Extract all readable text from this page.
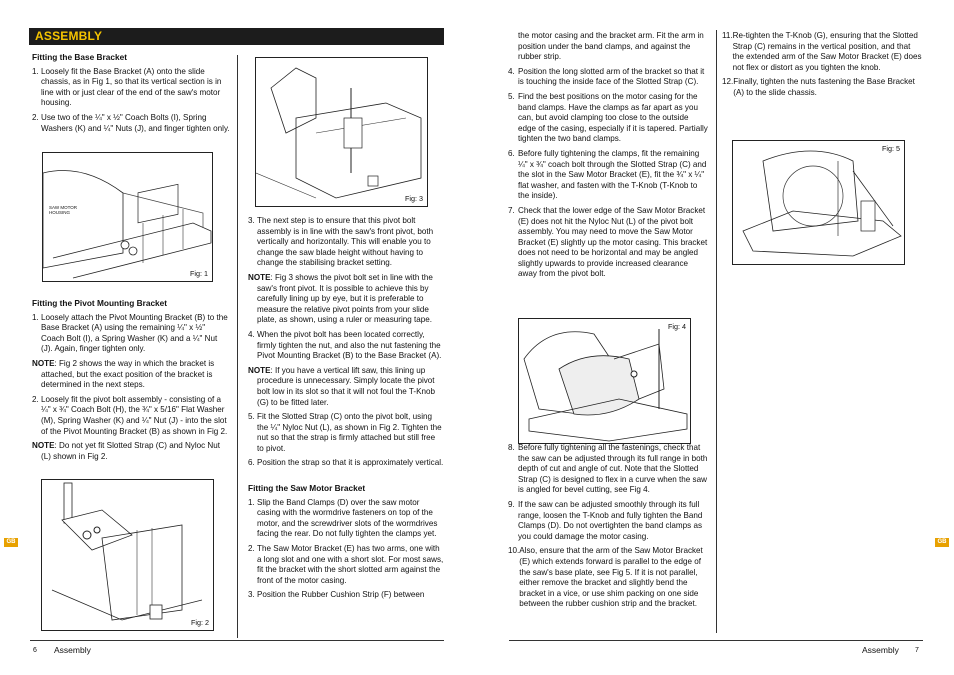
ASSEMBLY
Fitting the Base Bracket
1. Loosely fit the Base Bracket (A) onto the slide chassis, as in Fig 1, so that its vertical section is in line with or just clear of the end of the saw's motor housing.
2. Use two of the ¼" x ½" Coach Bolts (I), Spring Washers (K) and ¼" Nuts (J), and finger tighten only.
SAW MOTOR HOUSING
Fig: 1
Fitting the Pivot Mounting Bracket
1. Loosely attach the Pivot Mounting Bracket (B) to the Base Bracket (A) using the remaining ¼" x ½" Coach Bolt (I), a Spring Washer (K) and a ¼" Nut (J). Again, finger tighten only.

NOTE: Fig 2 shows the way in which the bracket is attached, but the exact position of the bracket is determined in the next steps.

2. Loosely fit the pivot bolt assembly - consisting of a ¼" x ¾" Coach Bolt (H), the ¾" x 5/16" Flat Washer (M), Spring Washer (K) and ¼" Nut (J) - into the slot of the Pivot Mounting Bracket (B) as shown in Fig 2.

NOTE: Do not yet fit Slotted Strap (C) and Nyloc Nut (L) shown in Fig 2.

Fig: 2
Fig: 3
3. The next step is to ensure that this pivot bolt assembly is in line with the saw's front pivot, both vertically and horizontally. This will enable you to change the saw blade height without having to change the stabilising bracket setting.

NOTE: Fig 3 shows the pivot bolt set in line with the saw's front pivot. It is possible to achieve this by carefully lining up by eye, but it is preferable to measure the relative pivot points from your slide plate, as shown, using a ruler or measuring tape.

4. When the pivot bolt has been located correctly, firmly tighten the nut, and also the nut fastening the Pivot Mounting Bracket (B) to the Base Bracket (A).

NOTE: If you have a vertical lift saw, this lining up procedure is unnecessary. Simply locate the pivot bolt low in its slot so that it will not foul the T-Knob (G) to be fitted later.

5. Fit the Slotted Strap (C) onto the pivot bolt, using the ¼" Nyloc Nut (L), as shown in Fig 2. Tighten the nut so that the strap is firmly attached but still free to pivot.
6. Position the strap so that it is approximately vertical.
Fitting the Saw Motor Bracket
1. Slip the Band Clamps (D) over the saw motor casing with the wormdrive fasteners on top of the motor, and the screwdriver slots of the wormdrives facing the rear. Do not fully tighten the clamps yet.
2. The Saw Motor Bracket (E) has two arms, one with a long slot and one with a short slot. For most saws, fit the bracket with the short slotted arm against the front of the motor casing.
3. Position the Rubber Cushion Strip (F) between
GB
6 Assembly

the motor casing and the bracket arm. Fit the arm in position under the band clamps, and against the rubber strip.

4. Position the long slotted arm of the bracket so that it is touching the inside face of the Slotted Strap (C).
5. Find the best positions on the motor casing for the band clamps. Have the clamps as far apart as you can, but avoid clamping too close to the outside edge of the casing, especially if it is tapered. Partially tighten the two band clamps.
6. Before fully tightening the clamps, fit the remaining ¼" x ¾" coach bolt through the Slotted Strap (C) and the slot in the Saw Motor Bracket (E), fit the ¾" x ¼" flat washer, and fasten with the T-Knob (T-Knob to the inside).
7. Check that the lower edge of the Saw Motor Bracket (E) does not hit the Nyloc Nut (L) of the pivot bolt assembly. You may need to move the Saw Motor Bracket (E) slightly up the motor casing. This bracket does not need to be horizontal and may be angled slightly upwards to provide increased clearance away from the pivot bolt.
Fig: 4
8. Before fully tightening all the fastenings, check that the saw can be adjusted through its full range in both depth of cut and angle of cut. Note that the Slotted Strap (C) is designed to flex in a curve when the saw is angled for bevel cutting, see Fig 4.
9. If the saw can be adjusted smoothly through its full range, loosen the T-Knob and fully tighten the Band Clamps (D). Do not overtighten the band clamps as you could damage the motor casing.
10. Also, ensure that the arm of the Saw Motor Bracket (E) which extends forward is parallel to the edge of the saw's base plate, see Fig 5. If it is not parallel, either remove the bracket and slightly bend the bracket in a vice, or use shim packing on one side between the rubber cushion strip and the bracket.
11. Re-tighten the T-Knob (G), ensuring that the Slotted Strap (C) remains in the vertical position, and that the extended arm of the Saw Motor Bracket (E) does not flex or distort as you tighten the knob.
12. Finally, tighten the nuts fastening the Base Bracket (A) to the slide chassis.
Fig: 5
GB
Assembly 7
